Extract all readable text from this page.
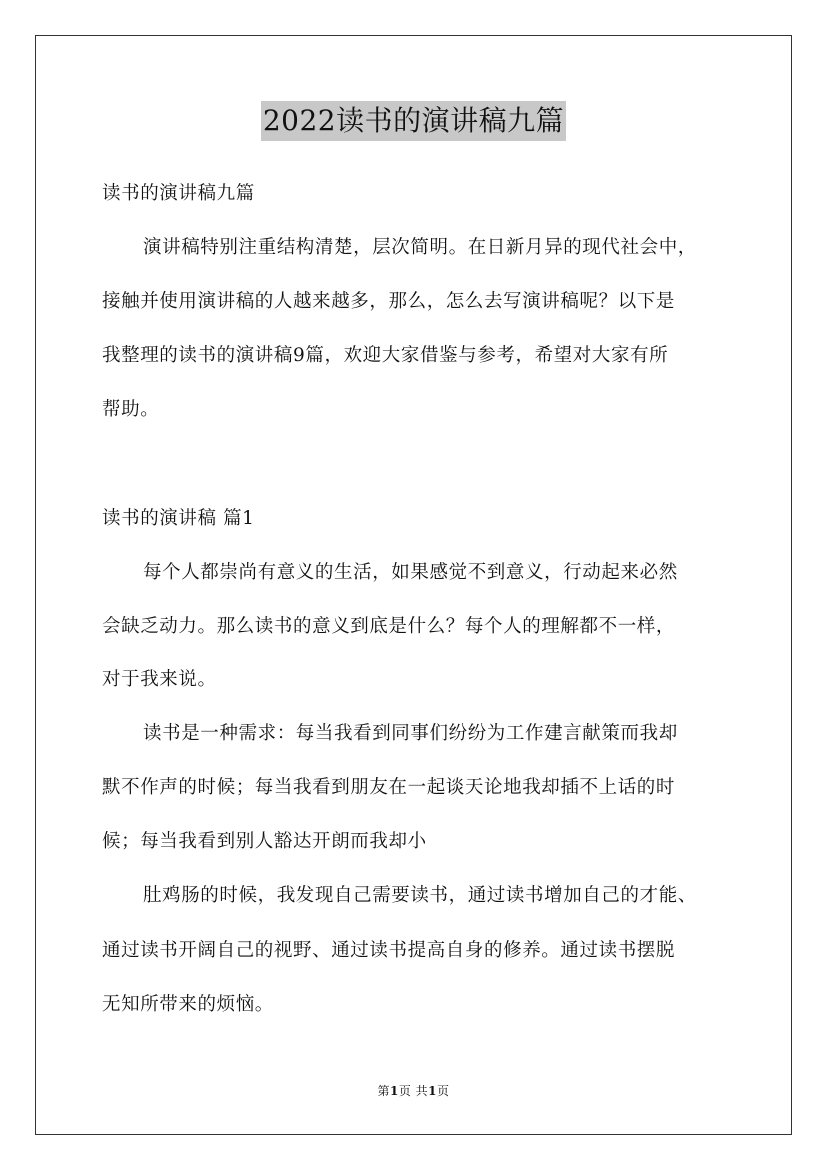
2022读书的演讲稿九篇
读书的演讲稿九篇
演讲稿特别注重结构清楚，层次简明。在日新月异的现代社会中，
接触并使用演讲稿的人越来越多，那么，怎么去写演讲稿呢？以下是
我整理的读书的演讲稿9篇，欢迎大家借鉴与参考，希望对大家有所
帮助。
读书的演讲稿 篇1
每个人都崇尚有意义的生活，如果感觉不到意义，行动起来必然
会缺乏动力。那么读书的意义到底是什么？每个人的理解都不一样，
对于我来说。
读书是一种需求：每当我看到同事们纷纷为工作建言献策而我却
默不作声的时候；每当我看到朋友在一起谈天论地我却插不上话的时
候；每当我看到别人豁达开朗而我却小
肚鸡肠的时候，我发现自己需要读书，通过读书增加自己的才能、
通过读书开阔自己的视野、通过读书提高自身的修养。通过读书摆脱
无知所带来的烦恼。
第1页 共1页
